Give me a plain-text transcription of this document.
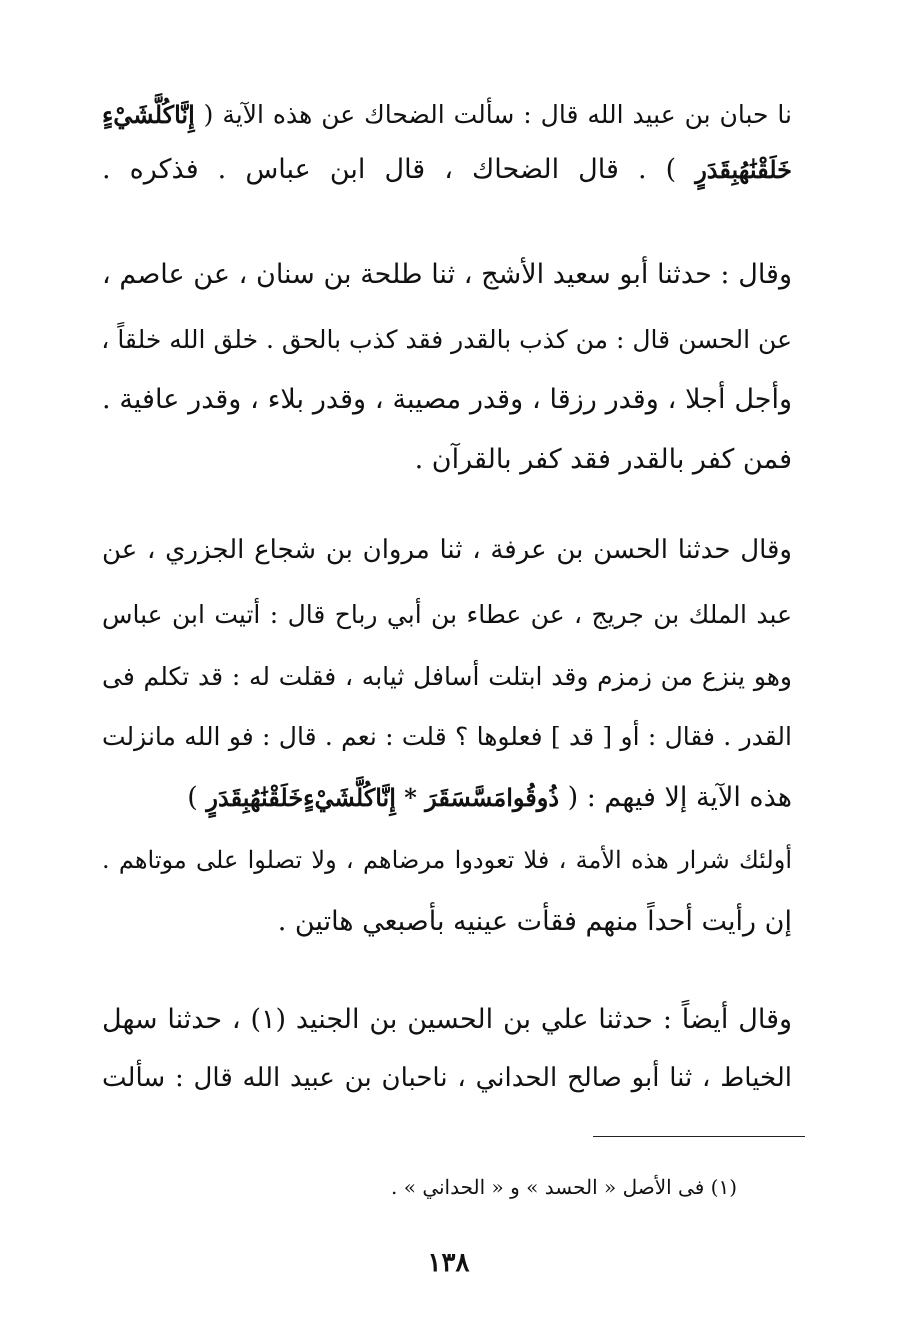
نا حبان بن عبيد الله قال : سألت الضحاك عن هذه الآية ( إِنَّاكُلَّشَيْءٍ
خَلَقْنَٰهُبِقَدَرٍ ) . قال الضحاك ، قال ابن عباس . فذكره .
وقال : حدثنا أبو سعيد الأشج ، ثنا طلحة بن سنان ، عن عاصم ،
عن الحسن قال : من كذب بالقدر فقد كذب بالحق . خلق الله خلقاً ،
وأجل أجلا ، وقدر رزقا ، وقدر مصيبة ، وقدر بلاء ، وقدر عافية .
فمن كفر بالقدر فقد كفر بالقرآن .
وقال حدثنا الحسن بن عرفة ، ثنا مروان بن شجاع الجزري ، عن
عبد الملك بن جريج ، عن عطاء بن أبي رباح قال : أتيت ابن عباس
وهو ينزع من زمزم وقد ابتلت أسافل ثيابه ، فقلت له : قد تكلم فى
القدر . فقال : أو [ قد ] فعلوها ؟ قلت : نعم . قال : فو الله مانزلت
هذه الآية إلا فيهم : ( ذُوقُوامَسَّسَقَرَ * إِنَّاكُلَّشَيْءٍخَلَقْنَٰهُبِقَدَرٍ )
أولئك شرار هذه الأمة ، فلا تعودوا مرضاهم ، ولا تصلوا على موتاهم .
إن رأيت أحداً منهم فقأت عينيه بأصبعي هاتين .
وقال أيضاً : حدثنا علي بن الحسين بن الجنيد (١) ، حدثنا سهل
الخياط ، ثنا أبو صالح الحداني ، ناحبان بن عبيد الله قال : سألت
(١) فى الأصل « الحسد » و « الحداني » .
١٣٨
